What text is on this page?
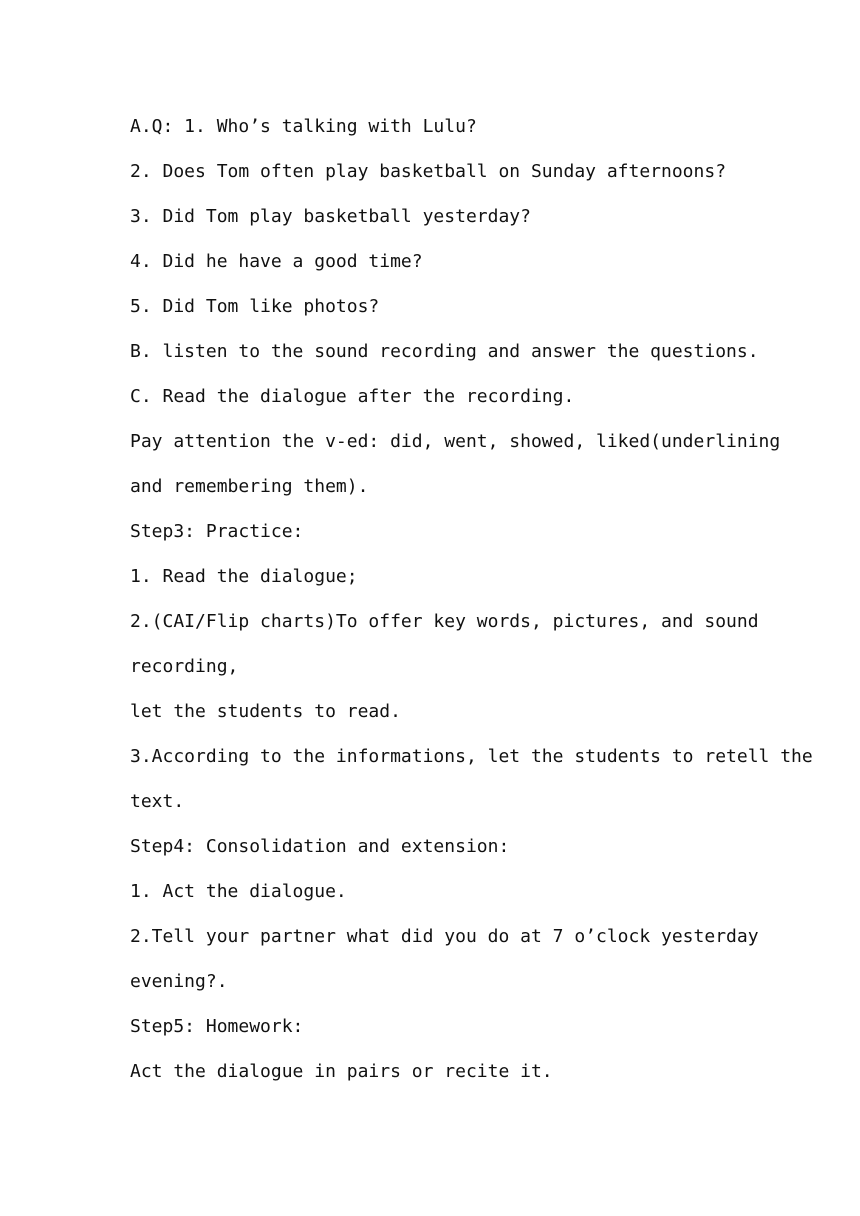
A.Q: 1. Who’s talking with Lulu?
2. Does Tom often play basketball on Sunday afternoons?
3. Did Tom play basketball yesterday?
4. Did he have a good time?
5. Did Tom like photos?
B. listen to the sound recording and answer the questions.
C. Read the dialogue after the recording.
Pay attention the v-ed: did, went, showed, liked(underlining
and remembering them).
Step3: Practice:
1. Read the dialogue;
2.(CAI/Flip charts)To offer key words, pictures, and sound
recording,
let the students to read.
3.According to the informations, let the students to retell the
text.
Step4: Consolidation and extension:
1. Act the dialogue.
2.Tell your partner what did you do at 7 o’clock yesterday
evening?.
Step5: Homework:
Act the dialogue in pairs or recite it.
